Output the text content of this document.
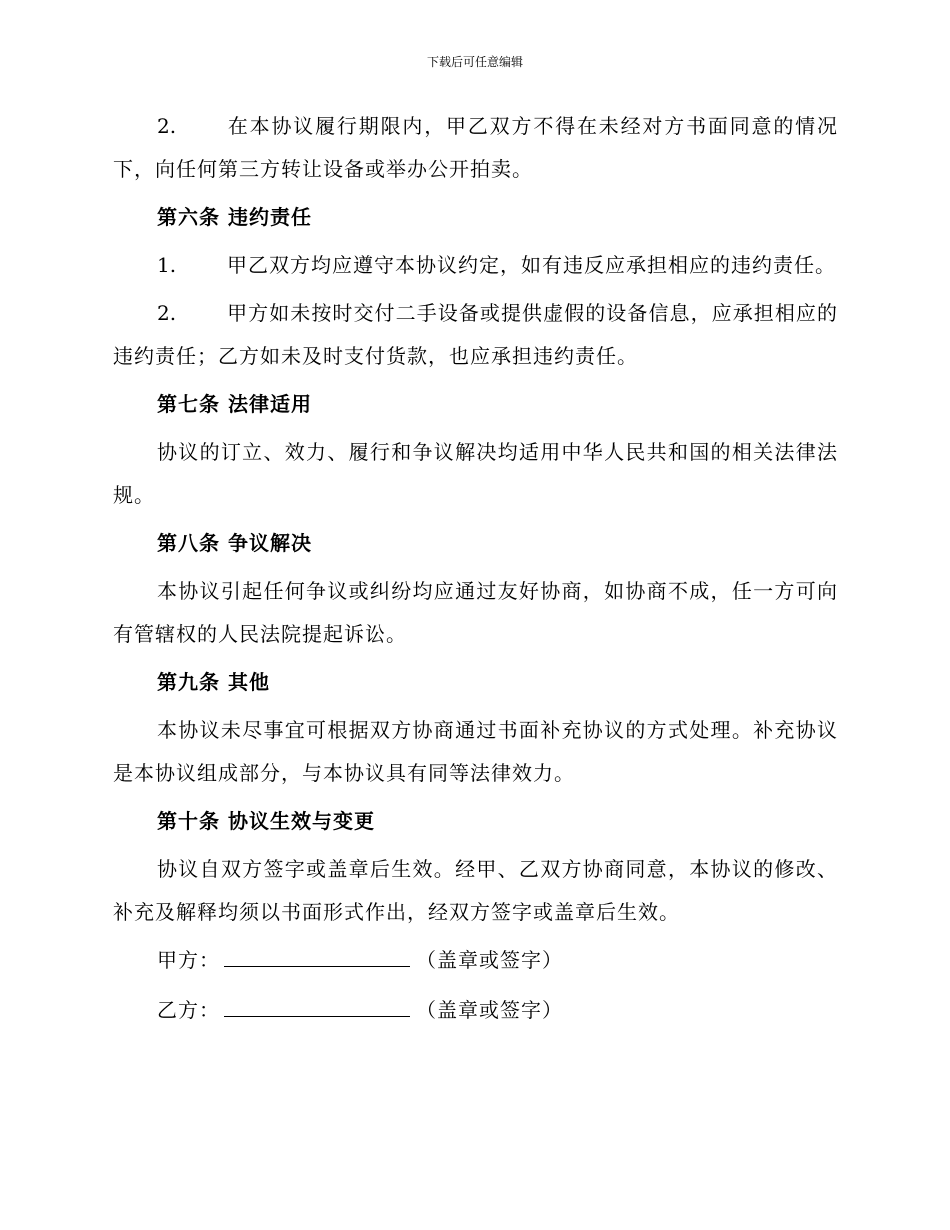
下载后可任意编辑

2.	在本协议履行期限内，甲乙双方不得在未经对方书面同意的情况下，向任何第三方转让设备或举办公开拍卖。

第六条 违约责任

1.	甲乙双方均应遵守本协议约定，如有违反应承担相应的违约责任。

2.	甲方如未按时交付二手设备或提供虚假的设备信息，应承担相应的违约责任；乙方如未及时支付货款，也应承担违约责任。

第七条 法律适用

协议的订立、效力、履行和争议解决均适用中华人民共和国的相关法律法规。

第八条 争议解决

本协议引起任何争议或纠纷均应通过友好协商，如协商不成，任一方可向有管辖权的人民法院提起诉讼。

第九条 其他

本协议未尽事宜可根据双方协商通过书面补充协议的方式处理。补充协议是本协议组成部分，与本协议具有同等法律效力。

第十条 协议生效与变更

协议自双方签字或盖章后生效。经甲、乙双方协商同意，本协议的修改、补充及解释均须以书面形式作出，经双方签字或盖章后生效。

甲方：	（盖章或签字）
乙方：	（盖章或签字）
